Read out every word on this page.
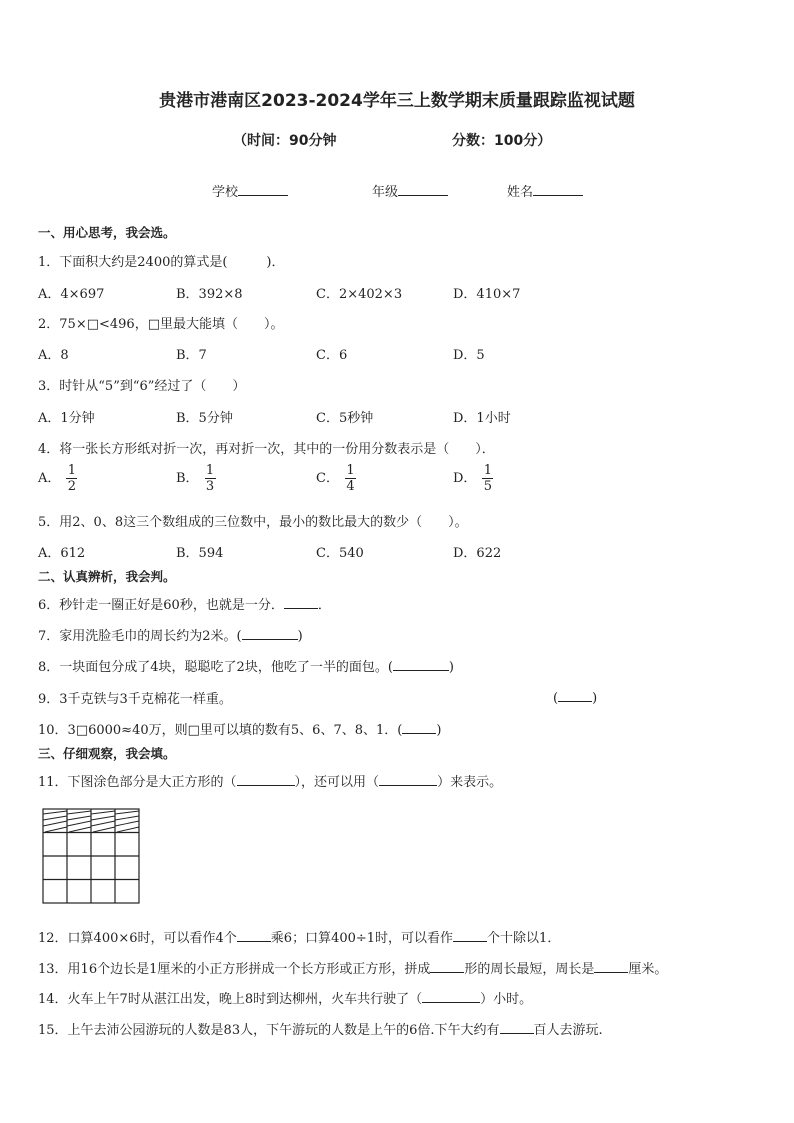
贵港市港南区2023-2024学年三上数学期末质量跟踪监视试题
（时间：90分钟	分数：100分）
学校	年级	姓名
一、用心思考，我会选。
1．下面积大约是2400的算式是(　　　)．
A．4×697	B．392×8	C．2×402×3	D．410×7
2．75×□<496，□里最大能填（　　）。
A．8	B．7	C．6	D．5
3．时针从“5”到“6”经过了（　　）
A．1分钟	B．5分钟	C．5秒钟	D．1小时
4．将一张长方形纸对折一次，再对折一次，其中的一份用分数表示是（　　）．
A． $\frac{1}{2}$	B． $\frac{1}{3}$	C． $\frac{1}{4}$	D． $\frac{1}{5}$
5．用2、0、8这三个数组成的三位数中，最小的数比最大的数少（　　）。
A．612	B．594	C．540	D．622
二、认真辨析，我会判。
6．秒针走一圈正好是60秒，也就是一分．	．
7．家用洗脸毛巾的周长约为2米。(	)
8．一块面包分成了4块，聪聪吃了2块，他吃了一半的面包。(	)
9．3千克铁与3千克棉花一样重。	(	)
10．3□6000≈40万，则□里可以填的数有5、6、7、8、1．(	)
三、仔细观察，我会填。
11．下图涂色部分是大正方形的（	），还可以用（	）来表示。
12．口算400×6时，可以看作4个	乘6；口算400÷1时，可以看作	个十除以1．
13．用16个边长是1厘米的小正方形拼成一个长方形或正方形，拼成	形的周长最短，周长是	厘米。
14．火车上午7时从湛江出发，晚上8时到达柳州，火车共行驶了（	）小时。
15．上午去沛公园游玩的人数是83人，下午游玩的人数是上午的6倍.下午大约有	百人去游玩.
